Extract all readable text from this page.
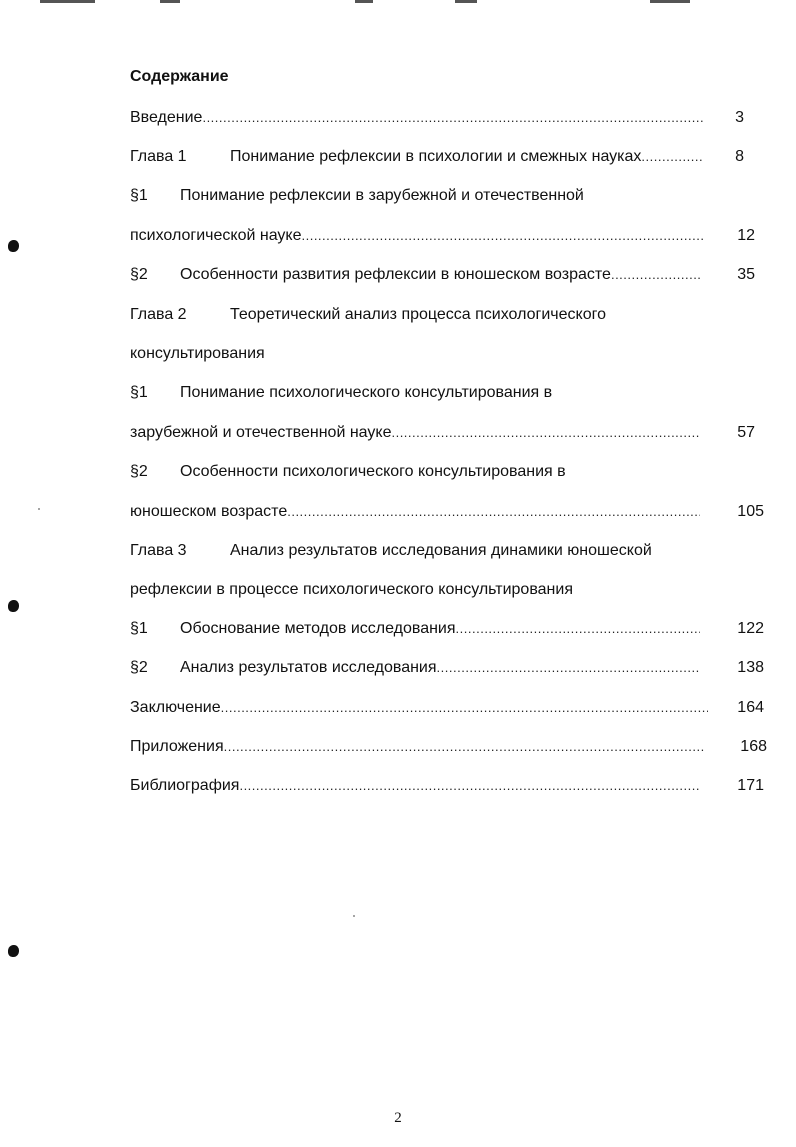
Содержание
Введение .....	3
Глава 1	Понимание рефлексии в психологии и смежных науках .....	8
§1 Понимание рефлексии в зарубежной и отечественной
психологической науке .....	12
§2 Особенности развития рефлексии в юношеском возрасте .....	35
Глава 2	Теоретический анализ процесса психологического
консультирования
§1 Понимание психологического консультирования в
зарубежной и отечественной науке .....	57
§2 Особенности психологического консультирования в
юношеском возрасте .....	105
Глава 3	Анализ результатов исследования динамики юношеской
рефлексии в процессе психологического консультирования
§1 Обоснование методов исследования .....	122
§2 Анализ результатов исследования .....	138
Заключение .....	164
Приложения .....	168
Библиография .....	171
2
